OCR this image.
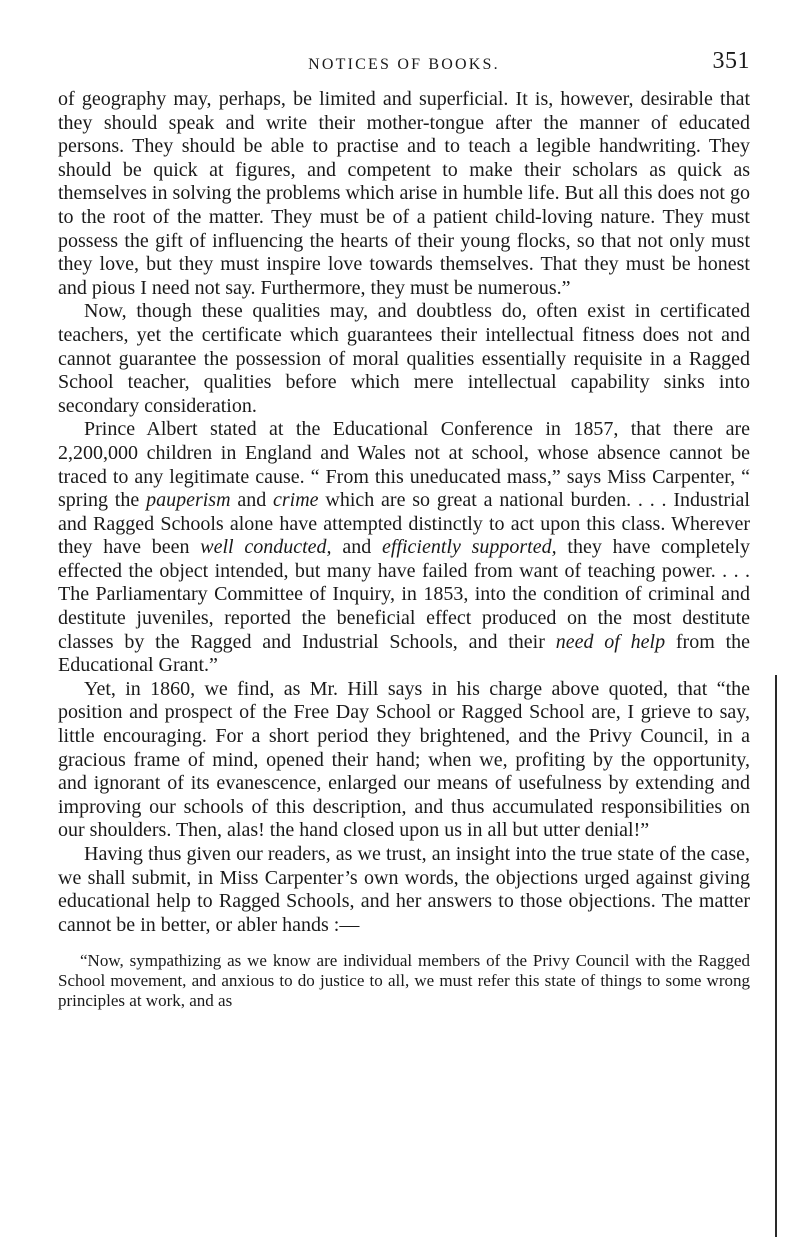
NOTICES OF BOOKS.	351

of geography may, perhaps, be limited and superficial. It is, however, desirable that they should speak and write their mother-tongue after the manner of educated persons. They should be able to practise and to teach a legible handwriting. They should be quick at figures, and competent to make their scholars as quick as themselves in solving the problems which arise in humble life. But all this does not go to the root of the matter. They must be of a patient child-loving nature. They must possess the gift of influencing the hearts of their young flocks, so that not only must they love, but they must inspire love towards themselves. That they must be honest and pious I need not say. Furthermore, they must be numerous.”

Now, though these qualities may, and doubtless do, often exist in certificated teachers, yet the certificate which guarantees their intellectual fitness does not and cannot guarantee the possession of moral qualities essentially requisite in a Ragged School teacher, qualities before which mere intellectual capability sinks into secondary consideration.

Prince Albert stated at the Educational Conference in 1857, that there are 2,200,000 children in England and Wales not at school, whose absence cannot be traced to any legitimate cause. “ From this uneducated mass,” says Miss Carpenter, “ spring the pauperism and crime which are so great a national burden. . . . Industrial and Ragged Schools alone have attempted distinctly to act upon this class. Wherever they have been well conducted, and efficiently supported, they have completely effected the object intended, but many have failed from want of teaching power. . . . The Parliamentary Committee of Inquiry, in 1853, into the condition of criminal and destitute juveniles, reported the beneficial effect produced on the most destitute classes by the Ragged and Industrial Schools, and their need of help from the Educational Grant.”

Yet, in 1860, we find, as Mr. Hill says in his charge above quoted, that “the position and prospect of the Free Day School or Ragged School are, I grieve to say, little encouraging. For a short period they brightened, and the Privy Council, in a gracious frame of mind, opened their hand; when we, profiting by the opportunity, and ignorant of its evanescence, enlarged our means of usefulness by extending and improving our schools of this description, and thus accumulated responsibilities on our shoulders. Then, alas! the hand closed upon us in all but utter denial!”

Having thus given our readers, as we trust, an insight into the true state of the case, we shall submit, in Miss Carpenter’s own words, the objections urged against giving educational help to Ragged Schools, and her answers to those objections. The matter cannot be in better, or abler hands :—

“Now, sympathizing as we know are individual members of the Privy Council with the Ragged School movement, and anxious to do justice to all, we must refer this state of things to some wrong principles at work, and as
